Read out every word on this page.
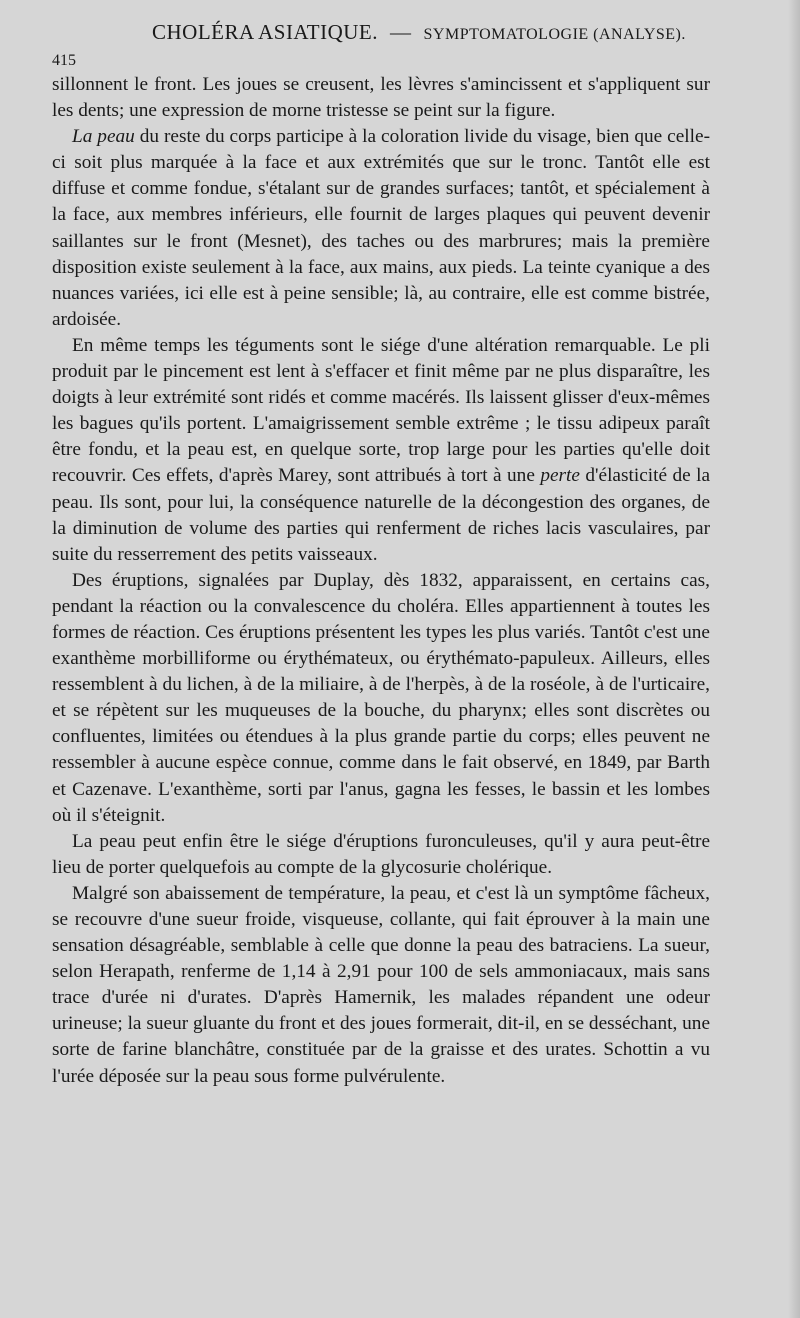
CHOLÉRA ASIATIQUE. — SYMPTOMATOLOGIE (ANALYSE).
415

sillonnent le front. Les joues se creusent, les lèvres s'amincissent et s'appliquent sur les dents; une expression de morne tristesse se peint sur la figure.

La peau du reste du corps participe à la coloration livide du visage, bien que celle-ci soit plus marquée à la face et aux extrémités que sur le tronc. Tantôt elle est diffuse et comme fondue, s'étalant sur de grandes surfaces; tantôt, et spécialement à la face, aux membres inférieurs, elle fournit de larges plaques qui peuvent devenir saillantes sur le front (Mesnet), des taches ou des marbrures; mais la première disposition existe seulement à la face, aux mains, aux pieds. La teinte cyanique a des nuances variées, ici elle est à peine sensible; là, au contraire, elle est comme bistrée, ardoisée.

En même temps les téguments sont le siége d'une altération remarquable. Le pli produit par le pincement est lent à s'effacer et finit même par ne plus disparaître, les doigts à leur extrémité sont ridés et comme macérés. Ils laissent glisser d'eux-mêmes les bagues qu'ils portent. L'amaigrissement semble extrême ; le tissu adipeux paraît être fondu, et la peau est, en quelque sorte, trop large pour les parties qu'elle doit recouvrir. Ces effets, d'après Marey, sont attribués à tort à une perte d'élasticité de la peau. Ils sont, pour lui, la conséquence naturelle de la décongestion des organes, de la diminution de volume des parties qui renferment de riches lacis vasculaires, par suite du resserrement des petits vaisseaux.

Des éruptions, signalées par Duplay, dès 1832, apparaissent, en certains cas, pendant la réaction ou la convalescence du choléra. Elles appartiennent à toutes les formes de réaction. Ces éruptions présentent les types les plus variés. Tantôt c'est une exanthème morbilliforme ou érythémateux, ou érythémato-papuleux. Ailleurs, elles ressemblent à du lichen, à de la miliaire, à de l'herpès, à de la roséole, à de l'urticaire, et se répètent sur les muqueuses de la bouche, du pharynx; elles sont discrètes ou confluentes, limitées ou étendues à la plus grande partie du corps; elles peuvent ne ressembler à aucune espèce connue, comme dans le fait observé, en 1849, par Barth et Cazenave. L'exanthème, sorti par l'anus, gagna les fesses, le bassin et les lombes où il s'éteignit.

La peau peut enfin être le siége d'éruptions furonculeuses, qu'il y aura peut-être lieu de porter quelquefois au compte de la glycosurie cholérique.

Malgré son abaissement de température, la peau, et c'est là un symptôme fâcheux, se recouvre d'une sueur froide, visqueuse, collante, qui fait éprouver à la main une sensation désagréable, semblable à celle que donne la peau des batraciens. La sueur, selon Herapath, renferme de 1,14 à 2,91 pour 100 de sels ammoniacaux, mais sans trace d'urée ni d'urates. D'après Hamernik, les malades répandent une odeur urineuse; la sueur gluante du front et des joues formerait, dit-il, en se desséchant, une sorte de farine blanchâtre, constituée par de la graisse et des urates. Schottin a vu l'urée déposée sur la peau sous forme pulvérulente.
